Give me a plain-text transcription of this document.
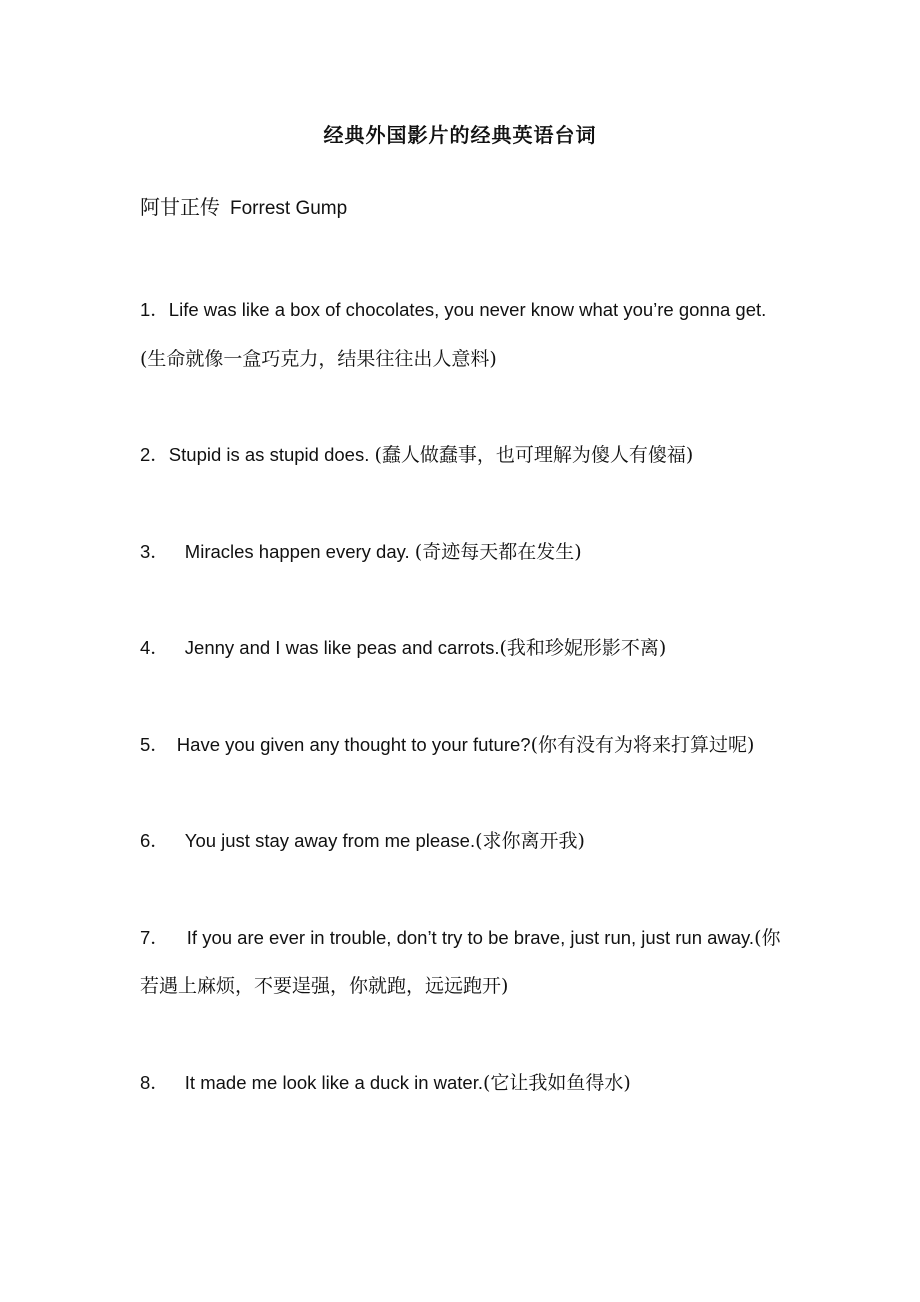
经典外国影片的经典英语台词
阿甘正传 Forrest Gump
1．Life was like a box of chocolates, you never know what you’re gonna get. (生命就像一盒巧克力，结果往往出人意料)
2．Stupid is as stupid does. (蠢人做蠢事，也可理解为傻人有傻福)
3． Miracles happen every day. (奇迹每天都在发生)
4． Jenny and I was like peas and carrots.(我和珍妮形影不离)
5． Have you given any thought to your future?(你有没有为将来打算过呢)
6． You just stay away from me please.(求你离开我)
7． If you are ever in trouble, don’t try to be brave, just run, just run away.(你若遇上麻烦，不要逞强，你就跑，远远跑开)
8． It made me look like a duck in water.(它让我如鱼得水)
